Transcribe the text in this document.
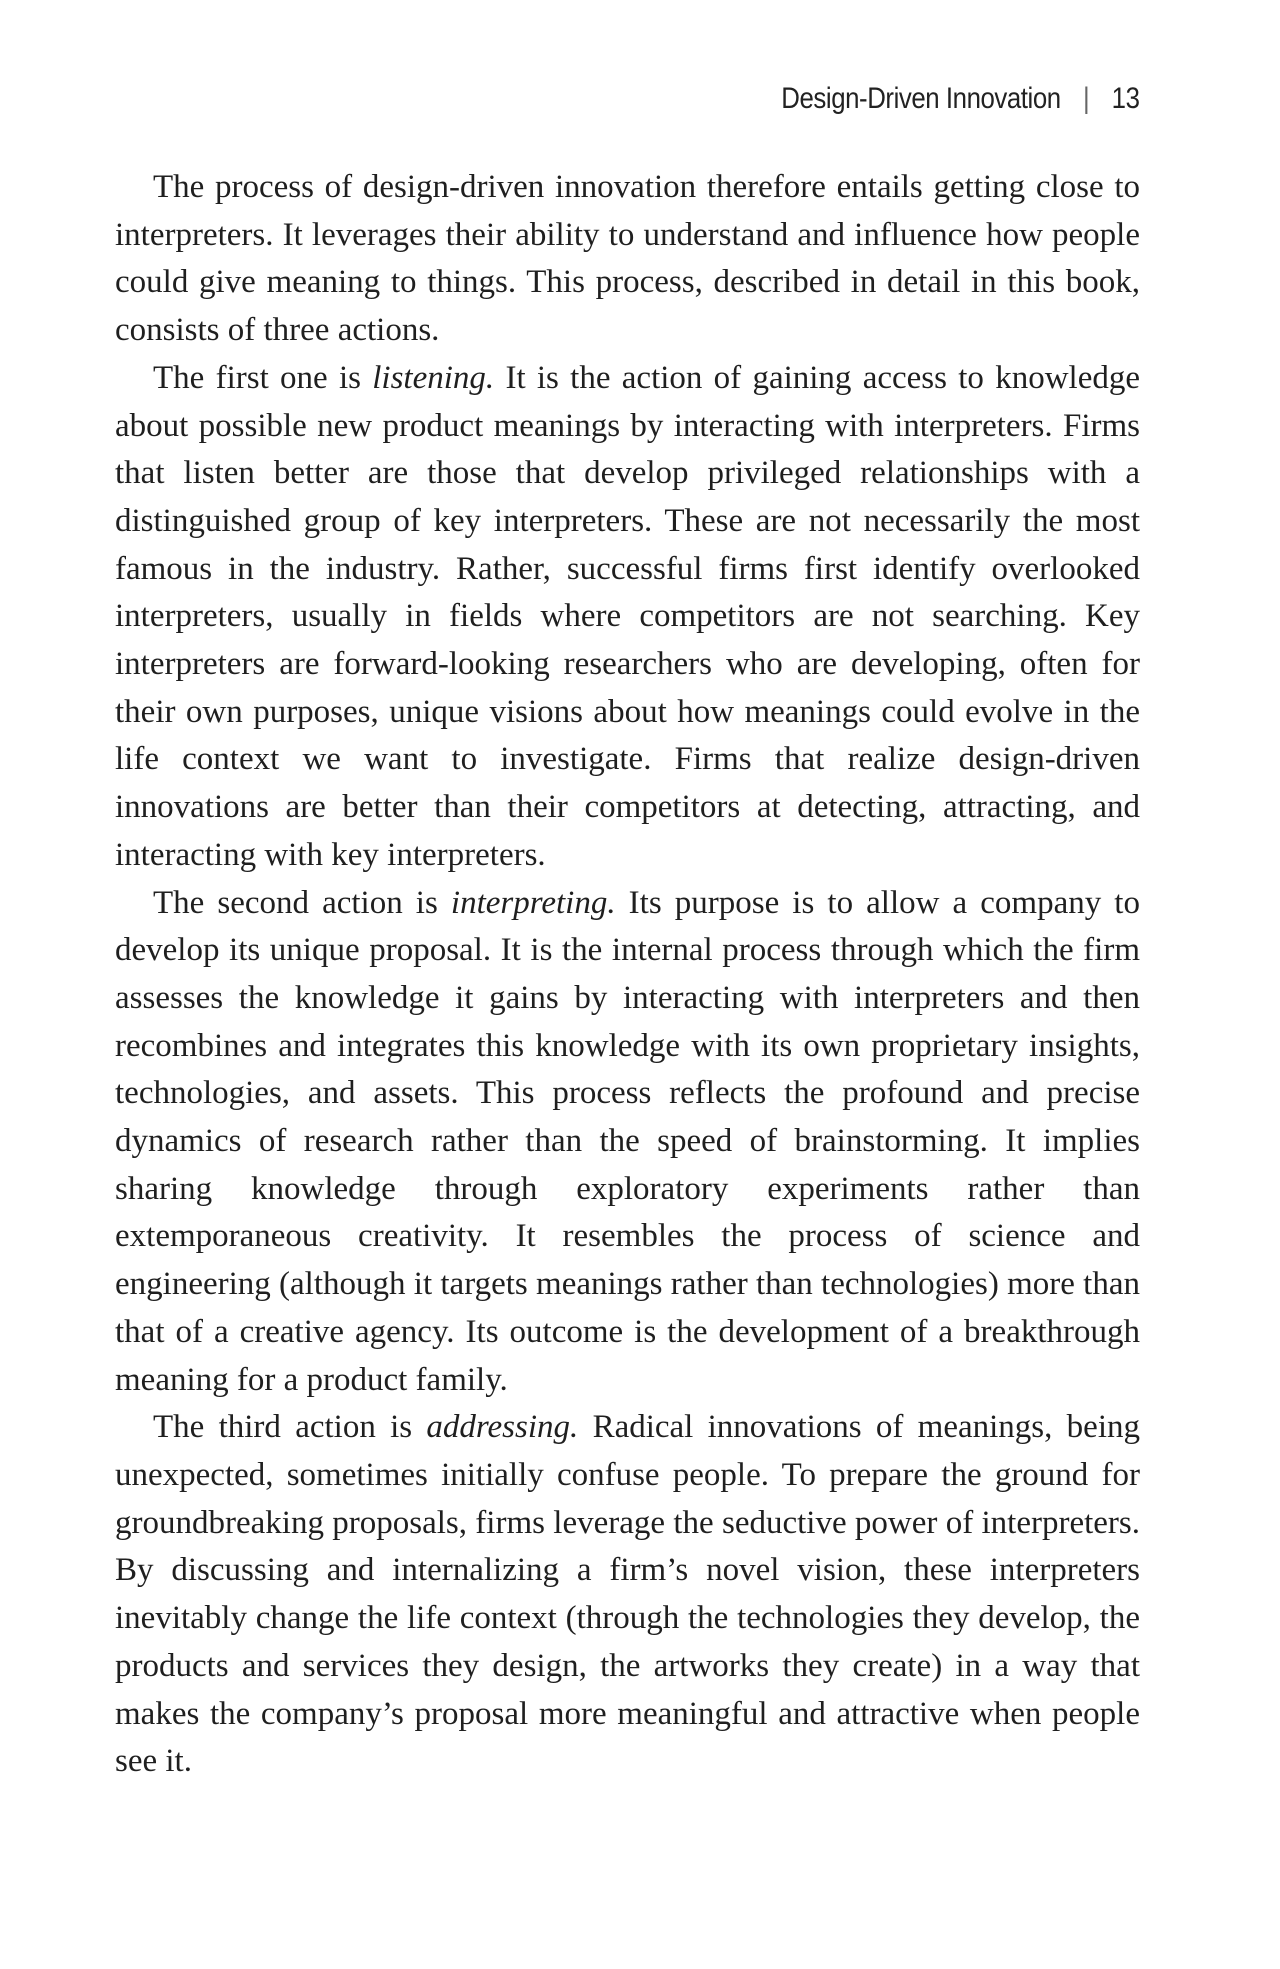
Design-Driven Innovation | 13

The process of design-driven innovation therefore entails getting close to interpreters. It leverages their ability to understand and influence how people could give meaning to things. This process, described in detail in this book, consists of three actions.

The first one is listening. It is the action of gaining access to knowledge about possible new product meanings by interacting with interpreters. Firms that listen better are those that develop privileged relationships with a distinguished group of key interpreters. These are not necessarily the most famous in the industry. Rather, successful firms first identify overlooked interpreters, usually in fields where competitors are not searching. Key interpreters are forward-looking researchers who are developing, often for their own purposes, unique visions about how meanings could evolve in the life context we want to investigate. Firms that realize design-driven innovations are better than their competitors at detecting, attracting, and interacting with key interpreters.

The second action is interpreting. Its purpose is to allow a company to develop its unique proposal. It is the internal process through which the firm assesses the knowledge it gains by interacting with interpreters and then recombines and integrates this knowledge with its own proprietary insights, technologies, and assets. This process reflects the profound and precise dynamics of research rather than the speed of brainstorming. It implies sharing knowledge through exploratory experiments rather than extemporaneous creativity. It resembles the process of science and engineering (although it targets meanings rather than technologies) more than that of a creative agency. Its outcome is the development of a breakthrough meaning for a product family.

The third action is addressing. Radical innovations of meanings, being unexpected, sometimes initially confuse people. To prepare the ground for groundbreaking proposals, firms leverage the seductive power of interpreters. By discussing and internalizing a firm’s novel vision, these interpreters inevitably change the life context (through the technologies they develop, the products and services they design, the artworks they create) in a way that makes the company’s proposal more meaningful and attractive when people see it.
